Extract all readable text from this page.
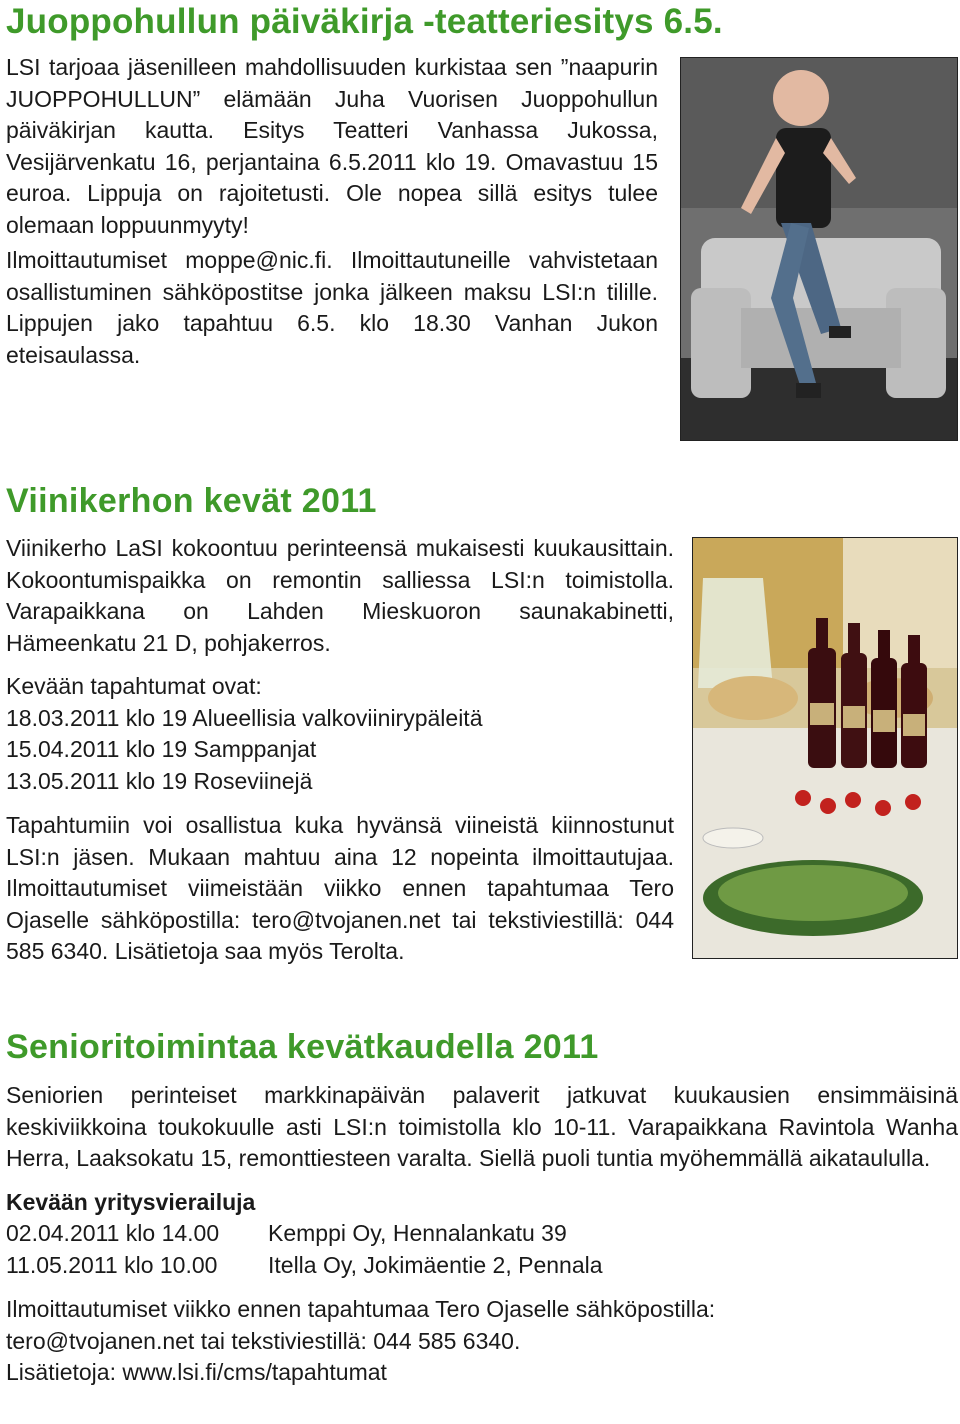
Juoppohullun päiväkirja -teatteriesitys 6.5.

LSI tarjoaa jäsenilleen mahdollisuuden kurkistaa sen ”naapurin JUOPPOHULLUN” elämään Juha Vuorisen Juoppohullun päiväkirjan kautta. Esitys Teatteri Vanhassa Jukossa, Vesijärvenkatu 16, perjantaina 6.5.2011 klo 19. Omavastuu 15 euroa. Lippuja on rajoitetusti. Ole nopea sillä esitys tulee olemaan loppuunmyyty!

Ilmoittautumiset moppe@nic.fi. Ilmoittautuneille vahvistetaan osallistuminen sähköpostitse jonka jälkeen maksu LSI:n tilille. Lippujen jako tapahtuu 6.5. klo 18.30 Vanhan Jukon eteisaulassa.

Viinikerhon kevät 2011

Viinikerho LaSI kokoontuu perinteensä mukaisesti kuukausittain. Kokoontumispaikka on remontin salliessa LSI:n toimistolla. Varapaikkana on Lahden Mieskuoron saunakabinetti, Hämeenkatu 21 D, pohjakerros.

Kevään tapahtumat ovat:
18.03.2011 klo 19 Alueellisia valkoviinirypäleitä
15.04.2011 klo 19 Samppanjat
13.05.2011 klo 19 Roseviinejä

Tapahtumiin voi osallistua kuka hyvänsä viineistä kiinnostunut LSI:n jäsen. Mukaan mahtuu aina 12 nopeinta ilmoittautujaa. Ilmoittautumiset viimeistään viikko ennen tapahtumaa Tero Ojaselle sähköpostilla: tero@tvojanen.net tai tekstiviestillä: 044 585 6340. Lisätietoja saa myös Terolta.

Senioritoimintaa kevätkaudella 2011

Seniorien perinteiset markkinapäivän palaverit jatkuvat kuukausien ensimmäisinä keskiviikkoina toukokuulle asti LSI:n toimistolla klo 10-11. Varapaikkana Ravintola Wanha Herra, Laaksokatu 15, remonttiesteen varalta. Siellä puoli tuntia myöhemmällä aikataululla.

Kevään yritysvierailuja
02.04.2011 klo 14.00 Kemppi Oy, Hennalankatu 39
11.05.2011 klo 10.00 Itella Oy, Jokimäentie 2, Pennala
Ilmoittautumiset viikko ennen tapahtumaa Tero Ojaselle sähköpostilla:
tero@tvojanen.net tai tekstiviestillä: 044 585 6340.
Lisätietoja: www.lsi.fi/cms/tapahtumat
